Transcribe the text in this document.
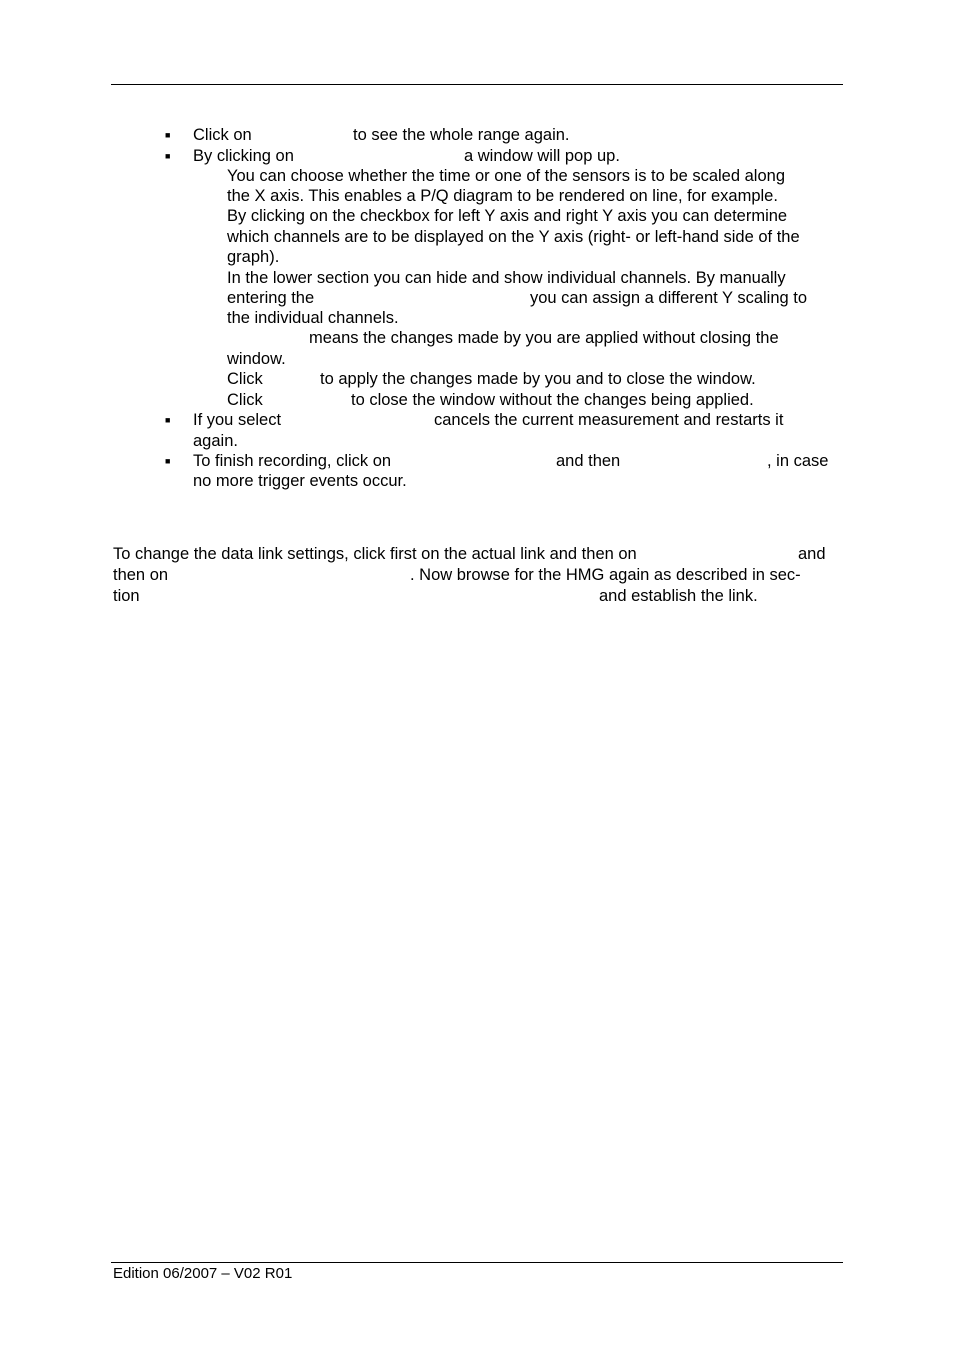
■ Click on	to see the whole range again.
■ By clicking on	a window will pop up.
You can choose whether the time or one of the sensors is to be scaled along
the X axis. This enables a P/Q diagram to be rendered on line, for example.
By clicking on the checkbox for left Y axis and right Y axis you can determine
which channels are to be displayed on the Y axis (right- or left-hand side of the
graph).
In the lower section you can hide and show individual channels. By manually
entering the	you can assign a different Y scaling to
the individual channels.
means the changes made by you are applied without closing the
window.
Click	to apply the changes made by you and to close the window.
Click	to close the window without the changes being applied.
■ If you select	cancels the current measurement and restarts it
again.
■ To finish recording, click on	and then	, in case
no more trigger events occur.
To change the data link settings, click first on the actual link and then on	and
then on	. Now browse for the HMG again as described in sec-
tion	and establish the link.
Edition 06/2007 – V02 R01
